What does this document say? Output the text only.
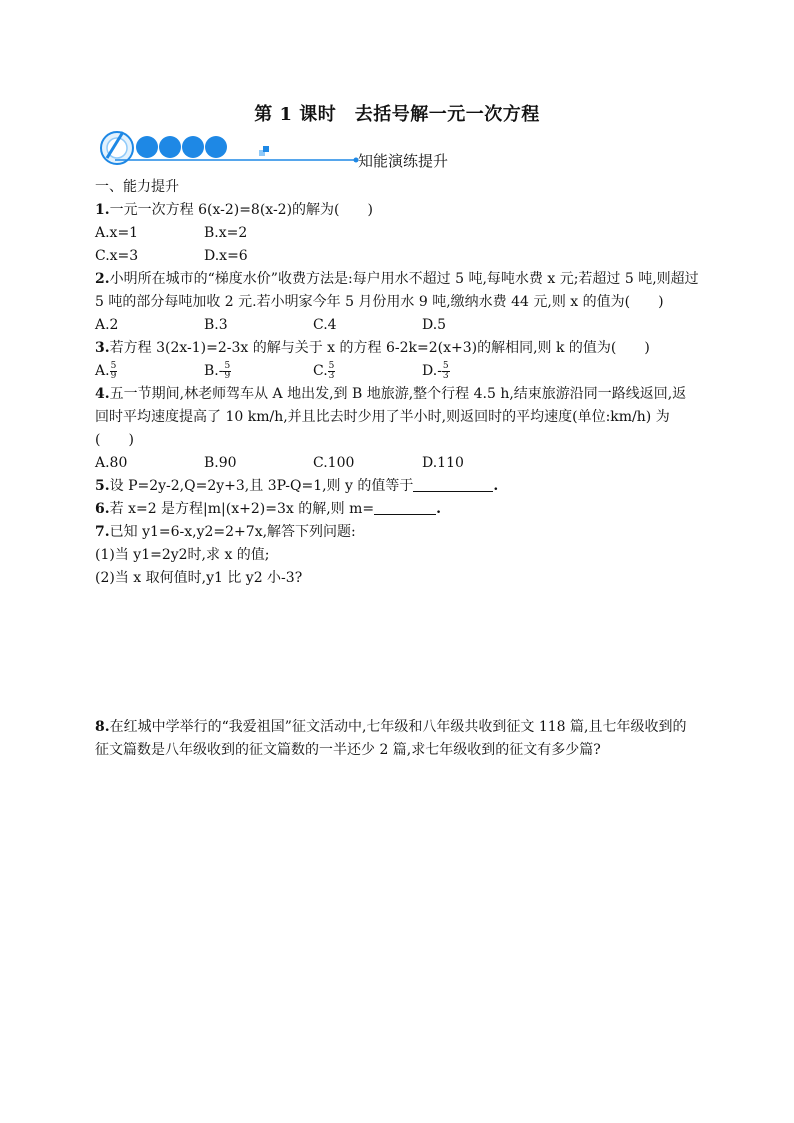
第 1 课时　去括号解一元一次方程
知能演练提升
一、能力提升
1.一元一次方程 6(x-2)=8(x-2)的解为(　　)
A.x=1	B.x=2
C.x=3	D.x=6
2.小明所在城市的“梯度水价”收费方法是:每户用水不超过 5 吨,每吨水费 x 元;若超过 5 吨,则超过 5 吨的部分每吨加收 2 元.若小明家今年 5 月份用水 9 吨,缴纳水费 44 元,则 x 的值为(　　)
A.2	B.3	C.4	D.5
3.若方程 3(2x-1)=2-3x 的解与关于 x 的方程 6-2k=2(x+3)的解相同,则 k 的值为(　　)
A. $\frac{5}{9}$	$B.- \frac{5}{9}$	C. $\frac{5}{3}$	$D.- \frac{5}{3}$
4.五一节期间,林老师驾车从 A 地出发,到 B 地旅游,整个行程 4.5 h,结束旅游沿同一路线返回,返回时平均速度提高了 10 km/h,并且比去时少用了半小时,则返回时的平均速度(单位:km/h) 为(　　)
A.80	B.90	C.100	D.110
5.设 P=2y-2,Q=2y+3,且 3P-Q=1,则 y 的值等于	.
6.若 x=2 是方程|m|(x+2)=3x 的解,则 m=	.
7.已知 y1=6-x,y2=2+7x,解答下列问题:
(1)当 y1=2y2时,求 x 的值;
(2)当 x 取何值时,y1 比 y2 小-3?
8.在红城中学举行的“我爱祖国”征文活动中,七年级和八年级共收到征文 118 篇,且七年级收到的征文篇数是八年级收到的征文篇数的一半还少 2 篇,求七年级收到的征文有多少篇?
